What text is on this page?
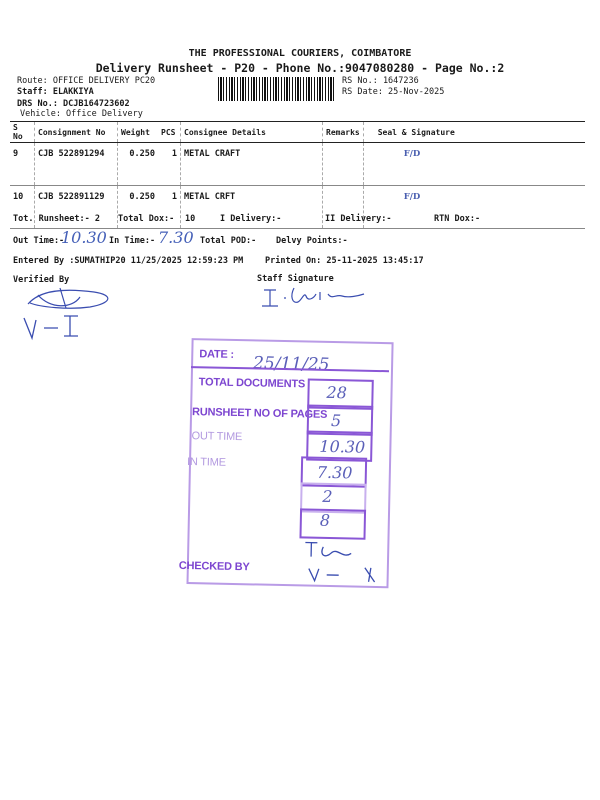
THE PROFESSIONAL COURIERS, COIMBATORE
Delivery Runsheet - P20 - Phone No.:9047080280 - Page No.:2
Route: OFFICE DELIVERY PC20
Staff: ELAKKIYA
DRS No.: DCJB164723602
Vehicle: Office Delivery
RS No.: 1647236
RS Date: 25-Nov-2025
S No	Consignment No	Weight	PCS	Consignee Details	Remarks	Seal & Signature
9	CJB 522891294	0.250	1	METAL CRAFT		F/D
10	CJB 522891129	0.250	1	METAL CRFT		F/D
Tot. Runsheet:- 2 Total Dox:- 10	I Delivery:-	II Delivery:-	RTN Dox:-
Out Time:-
10.30 In Time:- 7.30 Total POD:- Delvy Points:-
Entered By :SUMATHIP20 11/25/2025 12:59:23 PM	Printed On: 25-11-2025 13:45:17
Verified By	Staff Signature
DATE : 25/11/25
TOTAL DOCUMENTS 28
RUNSHEET NO OF PAGES 5
OUT TIME
10.30
IN TIME
7.30
2
8
CHECKED BY
